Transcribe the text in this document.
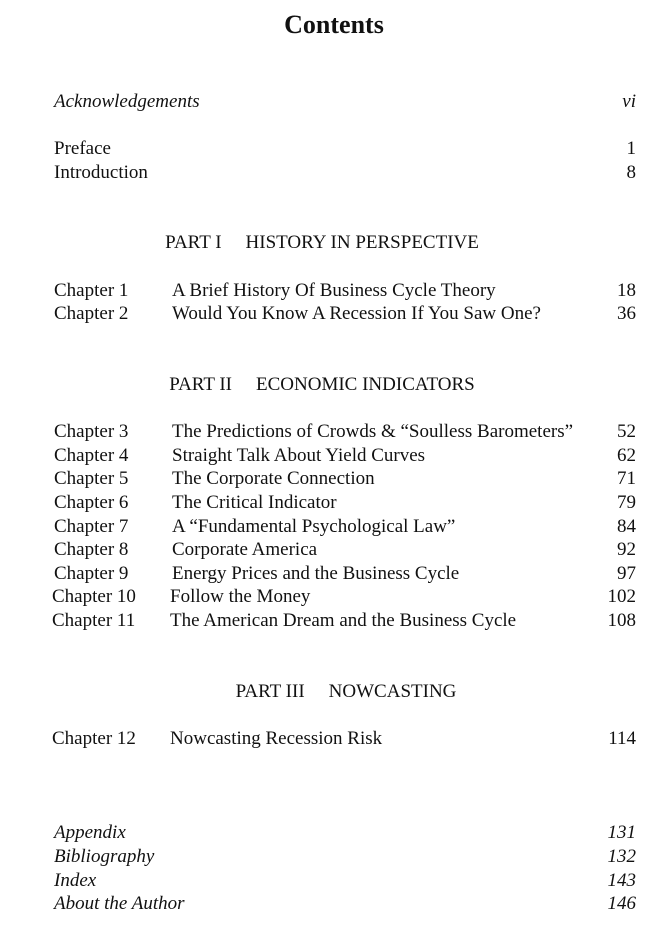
Contents
Acknowledgements	vi
Preface	1
Introduction	8
PART I HISTORY IN PERSPECTIVE
Chapter 1 A Brief History Of Business Cycle Theory	18
Chapter 2 Would You Know A Recession If You Saw One?	36
PART II ECONOMIC INDICATORS
Chapter 3 The Predictions of Crowds & “Soulless Barometers” 52
Chapter 4 Straight Talk About Yield Curves	62
Chapter 5 The Corporate Connection	71
Chapter 6 The Critical Indicator	79
Chapter 7 A “Fundamental Psychological Law”	84
Chapter 8 Corporate America	92
Chapter 9 Energy Prices and the Business Cycle	97
Chapter 10 Follow the Money	102
Chapter 11 The American Dream and the Business Cycle	108
PART III NOWCASTING
Chapter 12 Nowcasting Recession Risk	114
Appendix	131
Bibliography	132
Index	143
About the Author	146
